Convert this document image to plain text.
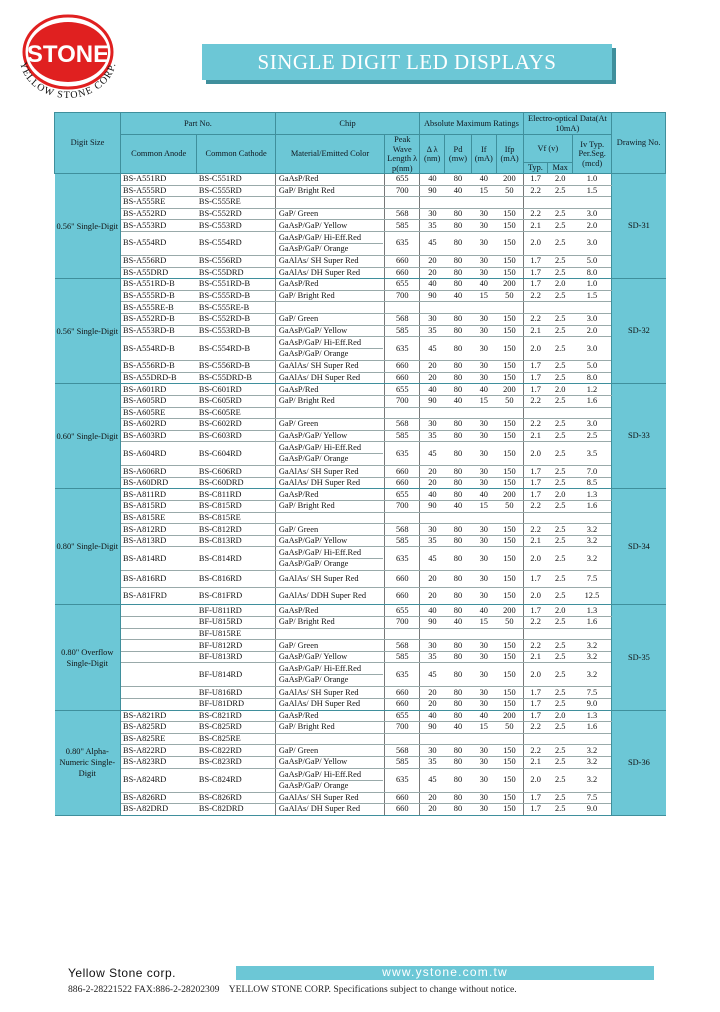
STONE
YELLOW STONE CORP.	SINGLE DIGIT LED DISPLAYS
Digit Size	Part No.		Chip		Absolute Maximum Ratings				Electro-optical Data(At 10mA)			Drawing No.
	Common Anode	Common Cathode	Material/Emitted Color	Peak Wave Length λ p(nm)	Δ λ (nm)	Pd (mw)	If (mA)	Ifp (mA)	Vf (v)		Iv Typ. Per.Seg. (mcd)	
									Typ.	Max		
0.56" Single-Digit	BS-A551RD	BS-C551RD	GaAsP/Red	655	40	80	40	200	1.7	2.0	1.0	SD-31
	BS-A555RD	BS-C555RD	GaP/ Bright Red	700	90	40	15	50	2.2	2.5	1.5	
	BS-A555RE	BS-C555RE		

	BS-A552RD	BS-C552RD	GaP/ Green	568	30	80	30	150	2.2	2.5	3.0	
	BS-A553RD	BS-C553RD	GaAsP/GaP/ Yellow	585	35	80	30	150	2.1	2.5	2.0	
	BS-A554RD	BS-C554RD	GaAsP/GaP/ Hi-Eff.Red
GaAsP/GaP/ Orange	635	45	80	30	150	2.0	2.5	3.0	
	BS-A556RD	BS-C556RD	GaAlAs/ SH Super Red	660	20	80	30	150	1.7	2.5	5.0	
	BS-A55DRD	BS-C55DRD	GaAlAs/ DH Super Red	660	20	80	30	150	1.7	2.5	8.0	
0.56" Single-Digit	BS-A551RD-B	BS-C551RD-B	GaAsP/Red	655	40	80	40	200	1.7	2.0	1.0	SD-32
	BS-A555RD-B	BS-C555RD-B	GaP/ Bright Red	700	90	40	15	50	2.2	2.5	1.5	
	BS-A555RE-B	BS-C555RE-B		

	BS-A552RD-B	BS-C552RD-B	GaP/ Green	568	30	80	30	150	2.2	2.5	3.0	
	BS-A553RD-B	BS-C553RD-B	GaAsP/GaP/ Yellow	585	35	80	30	150	2.1	2.5	2.0	
	BS-A554RD-B	BS-C554RD-B	GaAsP/GaP/ Hi-Eff.Red
GaAsP/GaP/ Orange	635	45	80	30	150	2.0	2.5	3.0	
	BS-A556RD-B	BS-C556RD-B	GaAlAs/ SH Super Red	660	20	80	30	150	1.7	2.5	5.0	
	BS-A55DRD-B	BS-C55DRD-B	GaAlAs/ DH Super Red	660	20	80	30	150	1.7	2.5	8.0	
0.60" Single-Digit	BS-A601RD	BS-C601RD	GaAsP/Red	655	40	80	40	200	1.7	2.0	1.2	SD-33
	BS-A605RD	BS-C605RD	GaP/ Bright Red	700	90	40	15	50	2.2	2.5	1.6	
	BS-A605RE	BS-C605RE		

	BS-A602RD	BS-C602RD	GaP/ Green	568	30	80	30	150	2.2	2.5	3.0	
	BS-A603RD	BS-C603RD	GaAsP/GaP/ Yellow	585	35	80	30	150	2.1	2.5	2.5	
	BS-A604RD	BS-C604RD	GaAsP/GaP/ Hi-Eff.Red
GaAsP/GaP/ Orange	635	45	80	30	150	2.0	2.5	3.5	
	BS-A606RD	BS-C606RD	GaAlAs/ SH Super Red	660	20	80	30	150	1.7	2.5	7.0	
	BS-A60DRD	BS-C60DRD	GaAlAs/ DH Super Red	660	20	80	30	150	1.7	2.5	8.5	
0.80" Single-Digit	BS-A811RD	BS-C811RD	GaAsP/Red	655	40	80	40	200	1.7	2.0	1.3	SD-34
	BS-A815RD	BS-C815RD	GaP/ Bright Red	700	90	40	15	50	2.2	2.5	1.6	
	BS-A815RE	BS-C815RE		

	BS-A812RD	BS-C812RD	GaP/ Green	568	30	80	30	150	2.2	2.5	3.2	
	BS-A813RD	BS-C813RD	GaAsP/GaP/ Yellow	585	35	80	30	150	2.1	2.5	3.2	
	BS-A814RD	BS-C814RD	GaAsP/GaP/ Hi-Eff.Red
GaAsP/GaP/ Orange	635	45	80	30	150	2.0	2.5	3.2	
	BS-A816RD	BS-C816RD	GaAlAs/ SH Super Red	660	20	80	30	150	1.7	2.5	7.5	
	BS-A81FRD	BS-C81FRD	GaAlAs/ DDH Super Red	660	20	80	30	150	2.0	2.5	12.5	
0.80" Overflow Single-Digit		BF-U811RD	GaAsP/Red	655	40	80	40	200	1.7	2.0	1.3	SD-35
		BF-U815RD	GaP/ Bright Red	700	90	40	15	50	2.2	2.5	1.6	
		BF-U815RE		

		BF-U812RD	GaP/ Green	568	30	80	30	150	2.2	2.5	3.2	
		BF-U813RD	GaAsP/GaP/ Yellow	585	35	80	30	150	2.1	2.5	3.2	
		BF-U814RD	GaAsP/GaP/ Hi-Eff.Red
GaAsP/GaP/ Orange	635	45	80	30	150	2.0	2.5	3.2	
		BF-U816RD	GaAlAs/ SH Super Red	660	20	80	30	150	1.7	2.5	7.5	
		BF-U81DRD	GaAlAs/ DH Super Red	660	20	80	30	150	1.7	2.5	9.0	
0.80" Alpha-Numeric Single-Digit	BS-A821RD	BS-C821RD	GaAsP/Red	655	40	80	40	200	1.7	2.0	1.3	SD-36
	BS-A825RD	BS-C825RD	GaP/ Bright Red	700	90	40	15	50	2.2	2.5	1.6	
	BS-A825RE	BS-C825RE		

	BS-A822RD	BS-C822RD	GaP/ Green	568	30	80	30	150	2.2	2.5	3.2	
	BS-A823RD	BS-C823RD	GaAsP/GaP/ Yellow	585	35	80	30	150	2.1	2.5	3.2	
	BS-A824RD	BS-C824RD	GaAsP/GaP/ Hi-Eff.Red
GaAsP/GaP/ Orange	635	45	80	30	150	2.0	2.5	3.2	
	BS-A826RD	BS-C826RD	GaAlAs/ SH Super Red	660	20	80	30	150	1.7	2.5	7.5	
	BS-A82DRD	BS-C82DRD	GaAlAs/ DH Super Red	660	20	80	30	150	1.7	2.5	9.0	
Yellow Stone corp.	www.ystone.com.tw
886-2-28221522 FAX:886-2-28202309 YELLOW STONE CORP. Specifications subject to change without notice.
